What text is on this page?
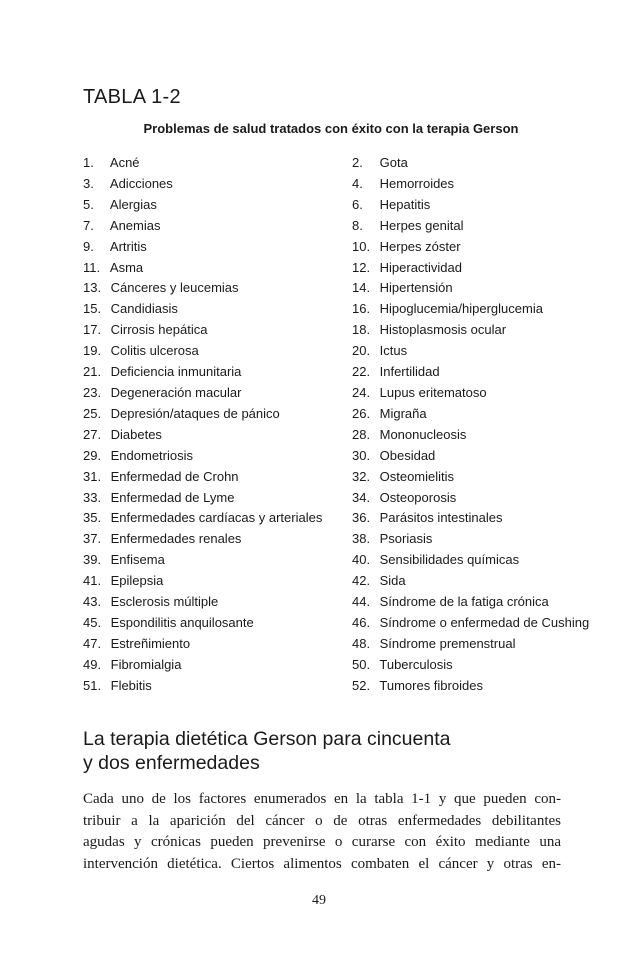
TABLA 1-2

Problemas de salud tratados con éxito con la terapia Gerson

1. Acné
3. Adicciones
5. Alergias
7. Anemias
9. Artritis
11. Asma
13. Cánceres y leucemias
15. Candidiasis
17. Cirrosis hepática
19. Colitis ulcerosa
21. Deficiencia inmunitaria
23. Degeneración macular
25. Depresión/ataques de pánico
27. Diabetes
29. Endometriosis
31. Enfermedad de Crohn
33. Enfermedad de Lyme
35. Enfermedades cardíacas y arteriales
37. Enfermedades renales
39. Enfisema
41. Epilepsia
43. Esclerosis múltiple
45. Espondilitis anquilosante
47. Estreñimiento
49. Fibromialgia
51. Flebitis
2. Gota
4. Hemorroides
6. Hepatitis
8. Herpes genital
10. Herpes zóster
12. Hiperactividad
14. Hipertensión
16. Hipoglucemia/hiperglucemia
18. Histoplasmosis ocular
20. Ictus
22. Infertilidad
24. Lupus eritematoso
26. Migraña
28. Mononucleosis
30. Obesidad
32. Osteomielitis
34. Osteoporosis
36. Parásitos intestinales
38. Psoriasis
40. Sensibilidades químicas
42. Sida
44. Síndrome de la fatiga crónica
46. Síndrome o enfermedad de Cushing
48. Síndrome premenstrual
50. Tuberculosis
52. Tumores fibroides
La terapia dietética Gerson para cincuenta
y dos enfermedades

Cada uno de los factores enumerados en la tabla 1-1 y que pueden con-
tribuir a la aparición del cáncer o de otras enfermedades debilitantes
agudas y crónicas pueden prevenirse o curarse con éxito mediante una
intervención dietética. Ciertos alimentos combaten el cáncer y otras en-

49
